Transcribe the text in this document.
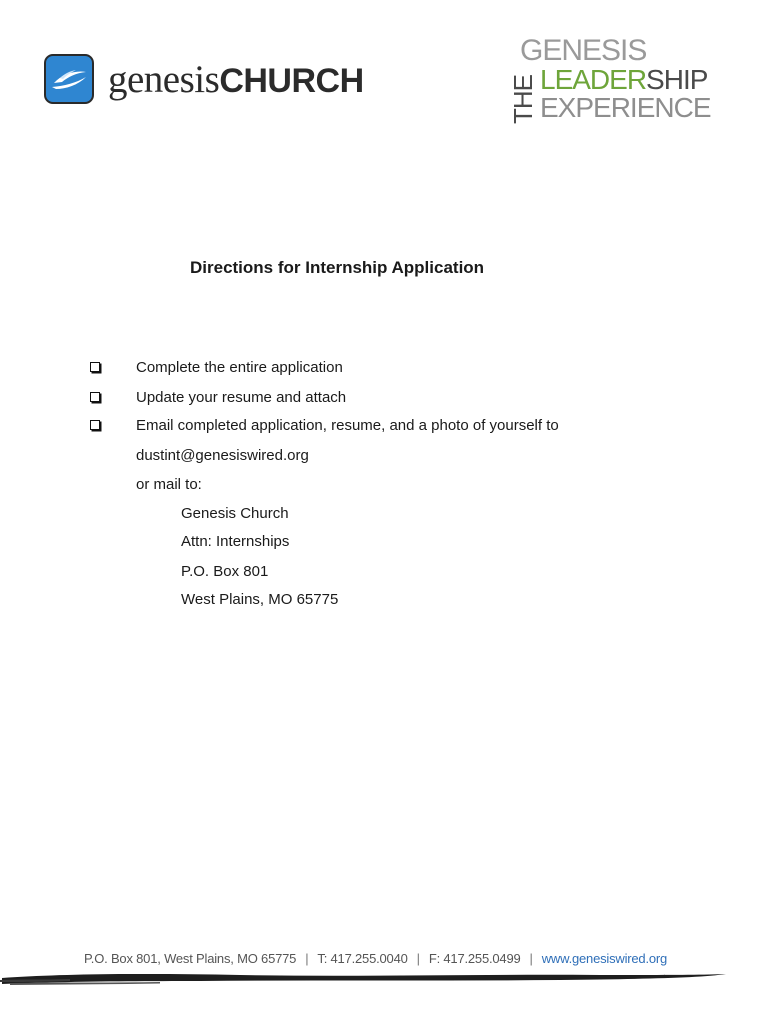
genesisCHURCH	THE
GENESIS
LEADERSHIP
EXPERIENCE
Directions for Internship Application
Complete the entire application
Update your resume and attach
Email completed application, resume, and a photo of yourself to
dustint@genesiswired.org
or mail to:
Genesis Church
Attn: Internships
P.O. Box 801
West Plains, MO 65775
P.O. Box 801, West Plains, MO 65775 | T: 417.255.0040 | F: 417.255.0499 | www.genesiswired.org
